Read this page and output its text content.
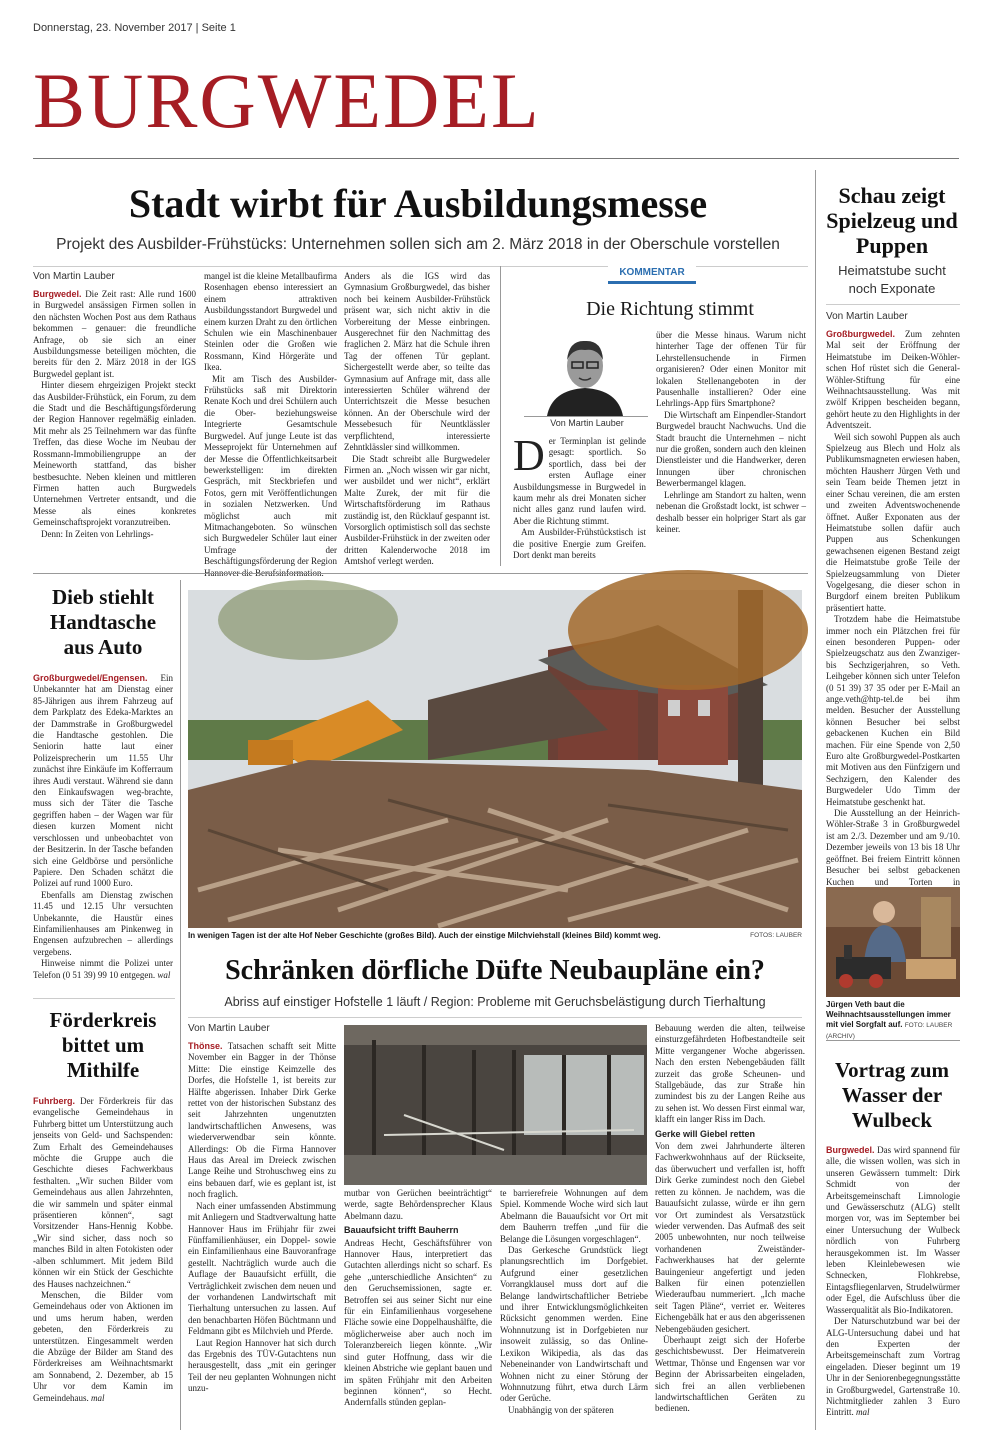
Donnerstag, 23. November 2017 | Seite 1
BURGWEDEL
Stadt wirbt für Ausbildungsmesse
Projekt des Ausbilder-Frühstücks: Unternehmen sollen sich am 2. März 2018 in der Oberschule vorstellen
Von Martin Lauber

Burgwedel. Die Zeit rast: Alle rund 1600 in Burgwedel ansässigen Firmen sollen in den nächsten Wochen Post aus dem Rathaus bekommen – genauer: die freundliche Anfrage, ob sie sich an einer Ausbildungsmesse beteiligen möchten, die bereits für den 2. März 2018 in der IGS Burgwedel geplant ist.

Hinter diesem ehrgeizigen Projekt steckt das Ausbilder-Frühstück, ein Forum, zu dem die Stadt und die Beschäftigungsförderung der Region Hannover regelmäßig einladen. Mit mehr als 25 Teilnehmern war das fünfte Treffen, das diese Woche im Neubau der Rossmann-Immobiliengruppe an der Meineworth stattfand, das bisher bestbesuchte. Neben kleinen und mittleren Firmen hatten auch Burgwedels Unternehmen Vertreter entsandt, und die Messe als eines konkretes Gemeinschaftsprojekt voranzutreiben.

Denn: In Zeiten von Lehrlings-

mangel ist die kleine Metallbaufirma Rosenhagen ebenso interessiert an einem attraktiven Ausbildungsstandort Burgwedel und einem kurzen Draht zu den örtlichen Schulen wie ein Maschinenbauer Steinlen oder die Großen wie Rossmann, Kind Hörgeräte und Ikea.

Mit am Tisch des Ausbilder-Frühstücks saß mit Direktorin Renate Koch und drei Schülern auch die Ober- beziehungsweise Integrierte Gesamtschule Burgwedel. Auf junge Leute ist das Messeprojekt für Unternehmen auf der Messe die Öffentlichkeitsarbeit bewerkstelligen: im direkten Gespräch, mit Steckbriefen und Fotos, gern mit Veröffentlichungen in sozialen Netzwerken. Und möglichst auch mit Mitmachangeboten. So wünschen sich Burgwedeler Schüler laut einer Umfrage der Beschäftigungsförderung der Region

Anders als die IGS wird das Gymnasium Großburgwedel, das bisher noch bei keinem Ausbilder-Frühstück präsent war, sich nicht aktiv in die Vorbereitung der Messe einbringen. Ausgerechnet für den Nachmittag des fraglichen 2. März hat die Schule ihren Tag der offenen Tür geplant. Sichergestellt werde aber, so teilte das Gymnasium auf Anfrage mit, dass alle interessierten Schüler während der Unterrichtszeit die Messe besuchen können. An der Oberschule wird der Messebesuch für Neuntklässler verpflichtend, interessierte Zehntklässler sind willkommen.

Die Stadt schreibt alle Burgwedeler Firmen an. „Noch wissen wir gar nicht, wer ausbildet und wer nicht“, erklärt Malte Zurek, der mit für die Wirtschaftsförderung im Rathaus zuständig ist, den Rücklauf gespannt ist. Vorsorglich optimistisch soll das sechste Ausbilder-Frühstück in der zweiten oder dritten Kalenderwoche 2018 im Amtshof verlegt werden.

KOMMENTAR
Die Richtung stimmt
Von Martin Lauber
Der Terminplan ist gelinde gesagt: sportlich. So sportlich, dass bei der ersten Auflage einer Ausbildungsmesse in Burgwedel in kaum mehr als drei Monaten sicher nicht alles ganz rund laufen wird. Aber die Richtung stimmt.

Am Ausbilder-Frühstückstisch ist die positive Energie zum Greifen. Dort denkt man bereits

über die Messe hinaus. Warum nicht hinterher Tage der offenen Tür für Lehrstellensuchende in Firmen organisieren? Oder einen Monitor mit lokalen Stellenangeboten in der Pausenhalle installieren? Oder eine Lehrlings-App fürs Smartphone?

Die Wirtschaft am Einpendler-Standort Burgwedel braucht Nachwuchs. Und die Stadt braucht die Unternehmen – nicht nur die großen, sondern auch den kleinen Dienstleister und die Handwerker, deren Innungen über chronischen Bewerbermangel klagen.

Lehrlinge am Standort zu halten, wenn nebenan die Großstadt lockt, ist schwer – deshalb besser ein holpriger Start als gar keiner.

Schau zeigt Spielzeug und Puppen
Heimatstube sucht noch Exponate
Von Martin Lauber

Großburgwedel. Zum zehnten Mal seit der Eröffnung der Heimatstube im Deiken-Wöhler-schen Hof rüstet sich die General-Wöhler-Stiftung für eine Weihnachtsausstellung. Was mit zwölf Krippen bescheiden begann, gehört heute zu den Highlights in der Adventszeit.

Weil sich sowohl Puppen als auch Spielzeug aus Blech und Holz als Publikumsmagneten erwiesen haben, möchten Hausherr Jürgen Veth und sein Team beide Themen jetzt in einer Schau vereinen, die am ersten und zweiten Adventswochenende öffnet. Außer Exponaten aus der Heimatstube sollen dafür auch Puppen aus Schenkungen gewachsenen eigenen Bestand zeigt die Heimatstube große Teile der Spielzeugsammlung von Dieter Vogelgesang, die dieser schon in Burgdorf einem breiten Publikum präsentiert hatte.

Trotzdem habe die Heimatstube immer noch ein Plätzchen frei für einen besonderen Puppen- oder Spielzeugschatz aus den Zwanziger- bis Sechzigerjahren, so Veth. Leihgeber können sich unter Telefon (0 51 39) 37 35 oder per E-Mail an ange.veth@htp-tel.de bei ihm melden. Besucher der Ausstellung können Besucher bei selbst gebackenen Kuchen ein Bild machen. Für eine Spende von 2,50 Euro alte Großburgwedel-Postkarten mit Motiven aus den Fünfzigern und Sechzigern, den Kalender des Burgwedeler Udo Timm der Heimatstube geschenkt hat.

Die Ausstellung an der Heinrich-Wöhler-Straße 3 in Großburgwedel ist am 2./3. Dezember und am 9./10. Dezember jeweils von 13 bis 18 Uhr geöffnet. Bei freiem Eintritt können Besucher bei selbst gebackenen Kuchen und Torten in

Jürgen Veth baut die Weihnachtsausstellungen immer mit viel Sorgfalt auf. FOTO: LAUBER (ARCHIV)
Dieb stiehlt Handtasche aus Auto

Großburgwedel/Engensen. Ein Unbekannter hat am Dienstag einer 85-Jährigen aus ihrem Fahrzeug auf dem Parkplatz des Edeka-Marktes an der Dammstraße in Großburgwedel die Handtasche gestohlen. Die Seniorin hatte laut einer Polizeisprecherin um 11.55 Uhr zunächst ihre Einkäufe im Kofferraum ihres Audi verstaut. Während sie dann den Einkaufswagen weg-brachte, muss sich der Täter die Tasche gegriffen haben – der Wagen war für diesen kurzen Moment nicht verschlossen und unbeobachtet von der Besitzerin. In der Tasche befanden sich eine Geldbörse und persönliche Papiere. Den Schaden schätzt die Polizei auf rund 1000 Euro.

Ebenfalls am Dienstag zwischen 11.45 und 12.15 Uhr versuchten Unbekannte, die Haustür eines Einfamilienhauses am Pinkenweg in Engensen aufzubrechen – allerdings vergebens.

Hinweise nimmt die Polizei unter Telefon (0 51 39) 99 10 entgegen. wal

Förderkreis bittet um Mithilfe

Fuhrberg. Der Förderkreis für das evangelische Gemeindehaus in Fuhrberg bittet um Unterstützung auch jenseits von Geld- und Sachspenden: Zum Erhalt des Gemeindehauses möchte die Gruppe auch die Geschichte dieses Fachwerkbaus festhalten. „Wir suchen Bilder vom Gemeindehaus aus allen Jahrzehnten, die wir sammeln und später einmal präsentieren können“, sagt Vorsitzender Hans-Hennig Kobbe. „Wir sind sicher, dass noch so manches Bild in alten Fotokisten oder -alben schlummert. Mit jedem Bild können wir ein Stück der Geschichte des Hauses nachzeichnen.“

Menschen, die Bilder vom Gemeindehaus oder von Aktionen im und ums herum haben, werden gebeten, den Förderkreis zu unterstützen. Eingesammelt werden die Abzüge der Bilder am Stand des Förderkreises am Weihnachtsmarkt am Sonnabend, 2. Dezember, ab 15 Uhr vor dem Kamin im Gemeindehaus. mal

In wenigen Tagen ist der alte Hof Neber Geschichte (großes Bild). Auch der einstige Milchviehstall (kleines Bild) kommt weg.	FOTOS: LAUBER
Schränken dörfliche Düfte Neubaupläne ein?
Abriss auf einstiger Hofstelle 1 läuft / Region: Probleme mit Geruchsbelästigung durch Tierhaltung
Von Martin Lauber

Thönse. Tatsachen schafft seit Mitte November ein Bagger in der Thönse Mitte: Die einstige Keimzelle des Dorfes, die Hofstelle 1, ist bereits zur Hälfte abgerissen. Inhaber Dirk Gerke rettet von der historischen Substanz des seit Jahrzehnten ungenutzten landwirtschaftlichen Anwesens, was wiederverwendbar sein könnte. Allerdings: Ob die Firma Hannover Haus das Areal im Dreieck zwischen Lange Reihe und Strohuschweg eins zu eins bebauen darf, wie es geplant ist, ist noch fraglich.

Nach einer umfassenden Abstimmung mit Anliegern und Stadtverwaltung hatte Hannover Haus im Frühjahr für zwei Fünffamilienhäuser, ein Doppel- sowie ein Einfamilienhaus eine Bauvoranfrage gestellt. Nachträglich wurde auch die Auflage der Bauaufsicht erfüllt, die Verträglichkeit zwischen dem neuen und der vorhandenen Landwirtschaft mit Tierhaltung untersuchen zu lassen. Auf den benachbarten Höfen Büchtmann und Feldmann gibt es Milchvieh und Pferde.

Laut Region Hannover hat sich durch das Ergebnis des TÜV-Gutachtens nun herausgestellt, dass „mit ein geringer Teil der neu geplanten Wohnungen nicht unzu-

mutbar von Gerüchen beeinträchtigt“ werde, sagte Behördensprecher Klaus Abelmann dazu.

Bauaufsicht trifft Bauherrn

Andreas Hecht, Geschäftsführer von Hannover Haus, interpretiert das Gutachten allerdings nicht so scharf. Es gehe „unterschiedliche Ansichten“ zu den Geruchsemissionen, sagte er. Betroffen sei aus seiner Sicht nur eine für ein Einfamilienhaus vorgesehene Fläche sowie eine Doppelhaushälfte, die möglicherweise aber auch noch im Toleranzbereich liegen könnte. „Wir sind guter Hoffnung, dass wir die kleinen Abstriche wie geplant bauen und im späten Frühjahr mit den Arbeiten beginnen können“, so Hecht. Andernfalls stünden geplan-

te barrierefreie Wohnungen auf dem Spiel. Kommende Woche wird sich laut Abelmann die Bauaufsicht vor Ort mit dem Bauherrn treffen „und für die Belange die Lösungen vorgeschlagen“.

Das Gerkesche Grundstück liegt planungsrechtlich im Dorfgebiet. Aufgrund einer gesetzlichen Vorrangklausel muss dort auf die Belange landwirtschaftlicher Betriebe und ihrer Entwicklungsmöglichkeiten Rücksicht genommen werden. Eine Wohnnutzung ist in Dorfgebieten nur insoweit zulässig, so das Online-Lexikon Wikipedia, als das das Nebeneinander von Landwirtschaft und Wohnen nicht zu einer Störung der Wohnnutzung führt, etwa durch Lärm oder Gerüche.

Unabhängig von der späteren

Bebauung werden die alten, teilweise einsturzgefährdeten Hofbestandteile seit Mitte vergangener Woche abgerissen. Nach den ersten Nebengebäuden fällt zurzeit das große Scheunen- und Stallgebäude, das zur Straße hin zumindest bis zu der Langen Reihe aus zu sehen ist. Wo dessen First einmal war, klafft ein langer Riss im Dach.

Gerke will Giebel retten

Von dem zwei Jahrhunderte älteren Fachwerkwohnhaus auf der Rückseite, das überwuchert und verfallen ist, hofft Dirk Gerke zumindest noch den Giebel retten zu können. Je nachdem, was die Bauaufsicht zulasse, würde er ihn gern vor Ort zumindest als Versatzstück wieder verwenden. Das Aufmaß des seit 2005 unbewohnten, nur noch teilweise vorhandenen Zweiständer-Fachwerkhauses hat der gelernte Bauingenieur angefertigt und jeden Balken für einen potenziellen Wiederaufbau nummeriert. „Ich mache seit Tagen Pläne“, verriet er. Weiteres Eichengebälk hat er aus den abgerissenen Nebengebäuden gesichert.

Überhaupt zeigt sich der Hoferbe geschichtsbewusst. Der Heimatverein Wettmar, Thönse und Engensen war vor Beginn der Abrissarbeiten eingeladen, sich frei an allen verbliebenen landwirtschaftlichen Geräten zu bedienen.

Vortrag zum Wasser der Wulbeck

Burgwedel. Das wird spannend für alle, die wissen wollen, was sich in unseren Gewässern tummelt: Dirk Schmidt von der Arbeitsgemeinschaft Limnologie und Gewässerschutz (ALG) stellt morgen vor, was im September bei einer Untersuchung der Wulbeck nördlich von Fuhrberg herausgekommen ist. Im Wasser leben Kleinlebewesen wie Schnecken, Flohkrebse, Eintagsfliegenlarven, Strudelwürmer oder Egel, die Aufschluss über die Wasserqualität als Bio-Indikatoren.

Der Naturschutzbund war bei der ALG-Untersuchung dabei und hat den Experten der Arbeitsgemeinschaft zum Vortrag eingeladen. Dieser beginnt um 19 Uhr in der Seniorenbegegnungsstätte in Großburgwedel, Gartenstraße 10. Nichtmitglieder zahlen 3 Euro Eintritt. mal
